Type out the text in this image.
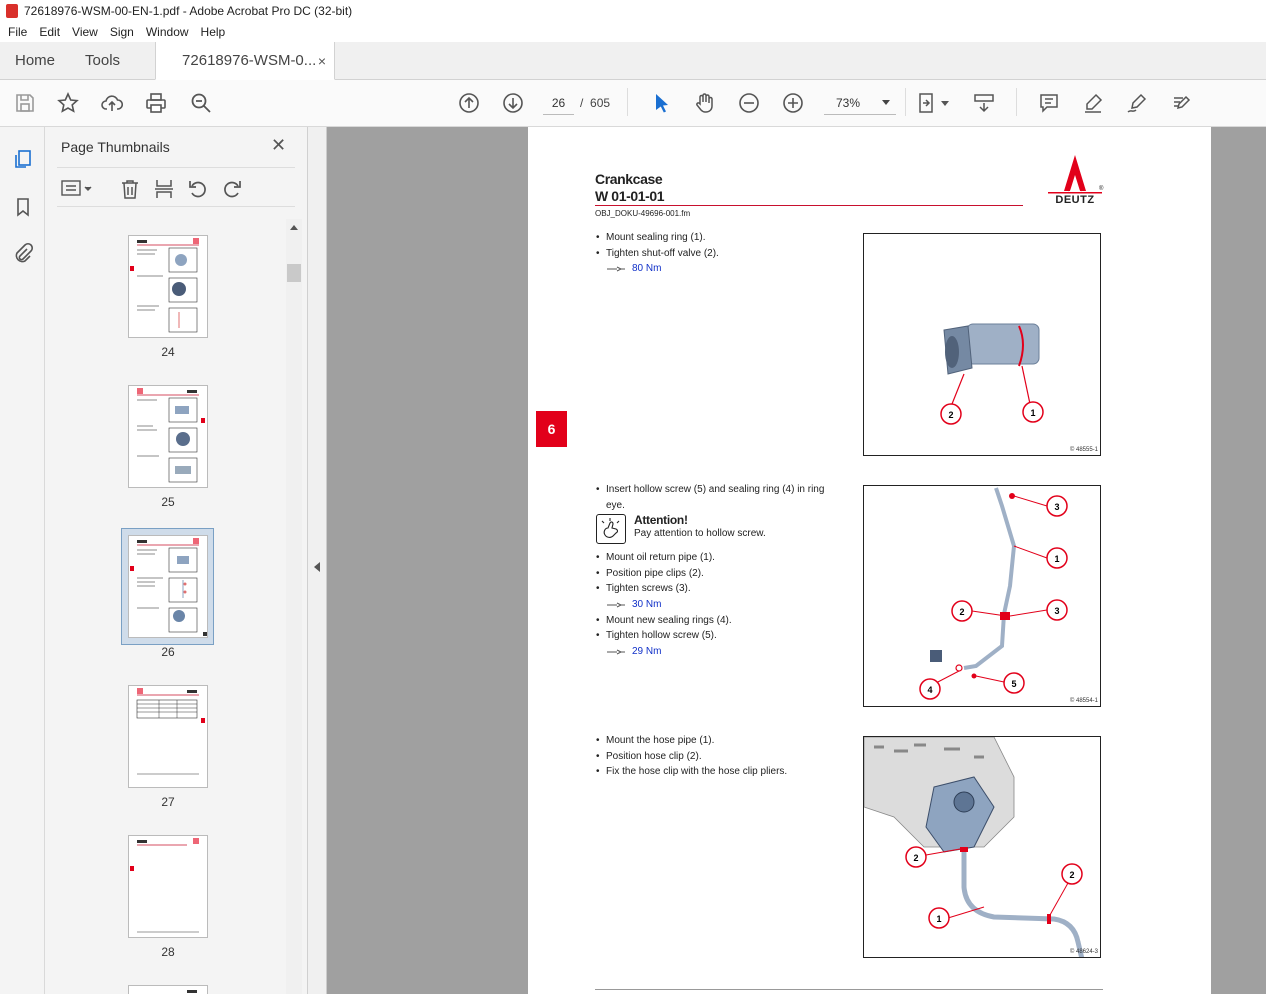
72618976-WSM-00-EN-1.pdf - Adobe Acrobat Pro DC (32-bit)
File	Edit	View	Sign	Window	Help
Home	Tools	72618976-WSM-0... ×
26	/ 605	73%
Page Thumbnails	✕
24
25
26
27
28
Crankcase
W 01-01-01
OBJ_DOKU-49696-001.fm
DEUTZ
®
6
• Mount sealing ring (1).
• Tighten shut-off valve (2).
80 Nm
2	1
© 48555-1
• Insert hollow screw (5) and sealing ring (4) in ring eye.
Attention!
Pay attention to hollow screw.
• Mount oil return pipe (1).
• Position pipe clips (2).
• Tighten screws (3).
30 Nm
• Mount new sealing rings (4).
• Tighten hollow screw (5).
29 Nm
3
1
2	3
4
5
© 48554-1
• Mount the hose pipe (1).
• Position hose clip (2).
• Fix the hose clip with the hose clip pliers.
2
2
1
© 48624-3
